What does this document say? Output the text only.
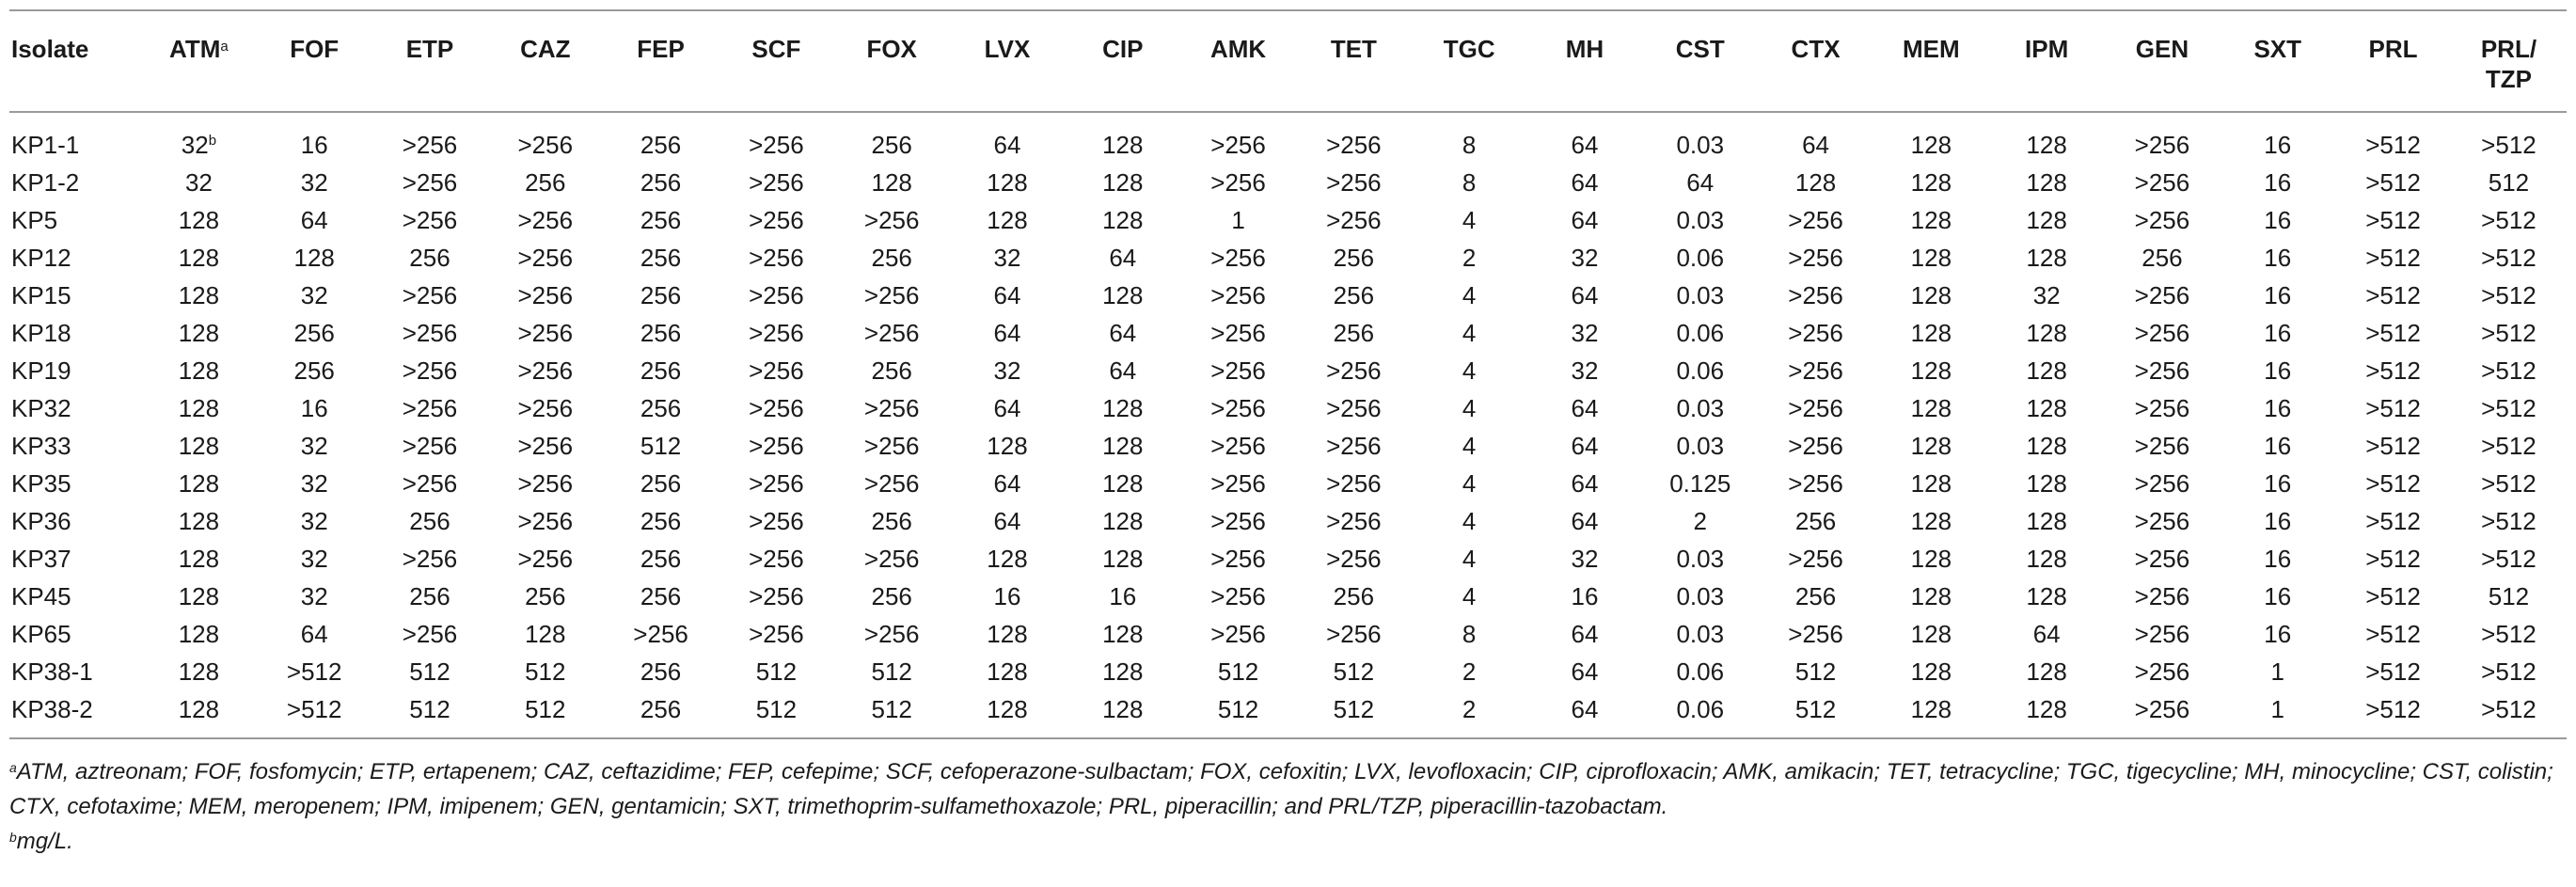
Isolate	ATM$^a$	FOF	ETP	CAZ	FEP	SCF	FOX	LVX	CIP	AMK	TET	TGC	MH	CST	CTX	MEM	IPM	GEN	SXT	PRL	PRL/
TZP
KP1-1	32$^b$	16	>256	>256	256	>256	256	64	128	>256	>256	8	64	0.03	64	128	128	>256	16	>512	>512
KP1-2	32	32	>256	256	256	>256	128	128	128	>256	>256	8	64	64	128	128	128	>256	16	>512	512
KP5	128	64	>256	>256	256	>256	>256	128	128	1	>256	4	64	0.03	>256	128	128	>256	16	>512	>512
KP12	128	128	256	>256	256	>256	256	32	64	>256	256	2	32	0.06	>256	128	128	256	16	>512	>512
KP15	128	32	>256	>256	256	>256	>256	64	128	>256	256	4	64	0.03	>256	128	32	>256	16	>512	>512
KP18	128	256	>256	>256	256	>256	>256	64	64	>256	256	4	32	0.06	>256	128	128	>256	16	>512	>512
KP19	128	256	>256	>256	256	>256	256	32	64	>256	>256	4	32	0.06	>256	128	128	>256	16	>512	>512
KP32	128	16	>256	>256	256	>256	>256	64	128	>256	>256	4	64	0.03	>256	128	128	>256	16	>512	>512
KP33	128	32	>256	>256	512	>256	>256	128	128	>256	>256	4	64	0.03	>256	128	128	>256	16	>512	>512
KP35	128	32	>256	>256	256	>256	>256	64	128	>256	>256	4	64	0.125	>256	128	128	>256	16	>512	>512
KP36	128	32	256	>256	256	>256	256	64	128	>256	>256	4	64	2	256	128	128	>256	16	>512	>512
KP37	128	32	>256	>256	256	>256	>256	128	128	>256	>256	4	32	0.03	>256	128	128	>256	16	>512	>512
KP45	128	32	256	256	256	>256	256	16	16	>256	256	4	16	0.03	256	128	128	>256	16	>512	512
KP65	128	64	>256	128	>256	>256	>256	128	128	>256	>256	8	64	0.03	>256	128	64	>256	16	>512	>512
KP38-1	128	>512	512	512	256	512	512	128	128	512	512	2	64	0.06	512	128	128	>256	1	>512	>512
KP38-2	128	>512	512	512	256	512	512	128	128	512	512	2	64	0.06	512	128	128	>256	1	>512	>512

$^a$ATM, aztreonam; FOF, fosfomycin; ETP, ertapenem; CAZ, ceftazidime; FEP, cefepime; SCF, cefoperazone-sulbactam; FOX, cefoxitin; LVX, levofloxacin; CIP, ciprofloxacin; AMK, amikacin; TET, tetracycline; TGC, tigecycline; MH, minocycline; CST, colistin; CTX, cefotaxime; MEM, meropenem; IPM, imipenem; GEN, gentamicin; SXT, trimethoprim-sulfamethoxazole; PRL, piperacillin; and PRL/TZP, piperacillin-tazobactam.

$^b$mg/L.
